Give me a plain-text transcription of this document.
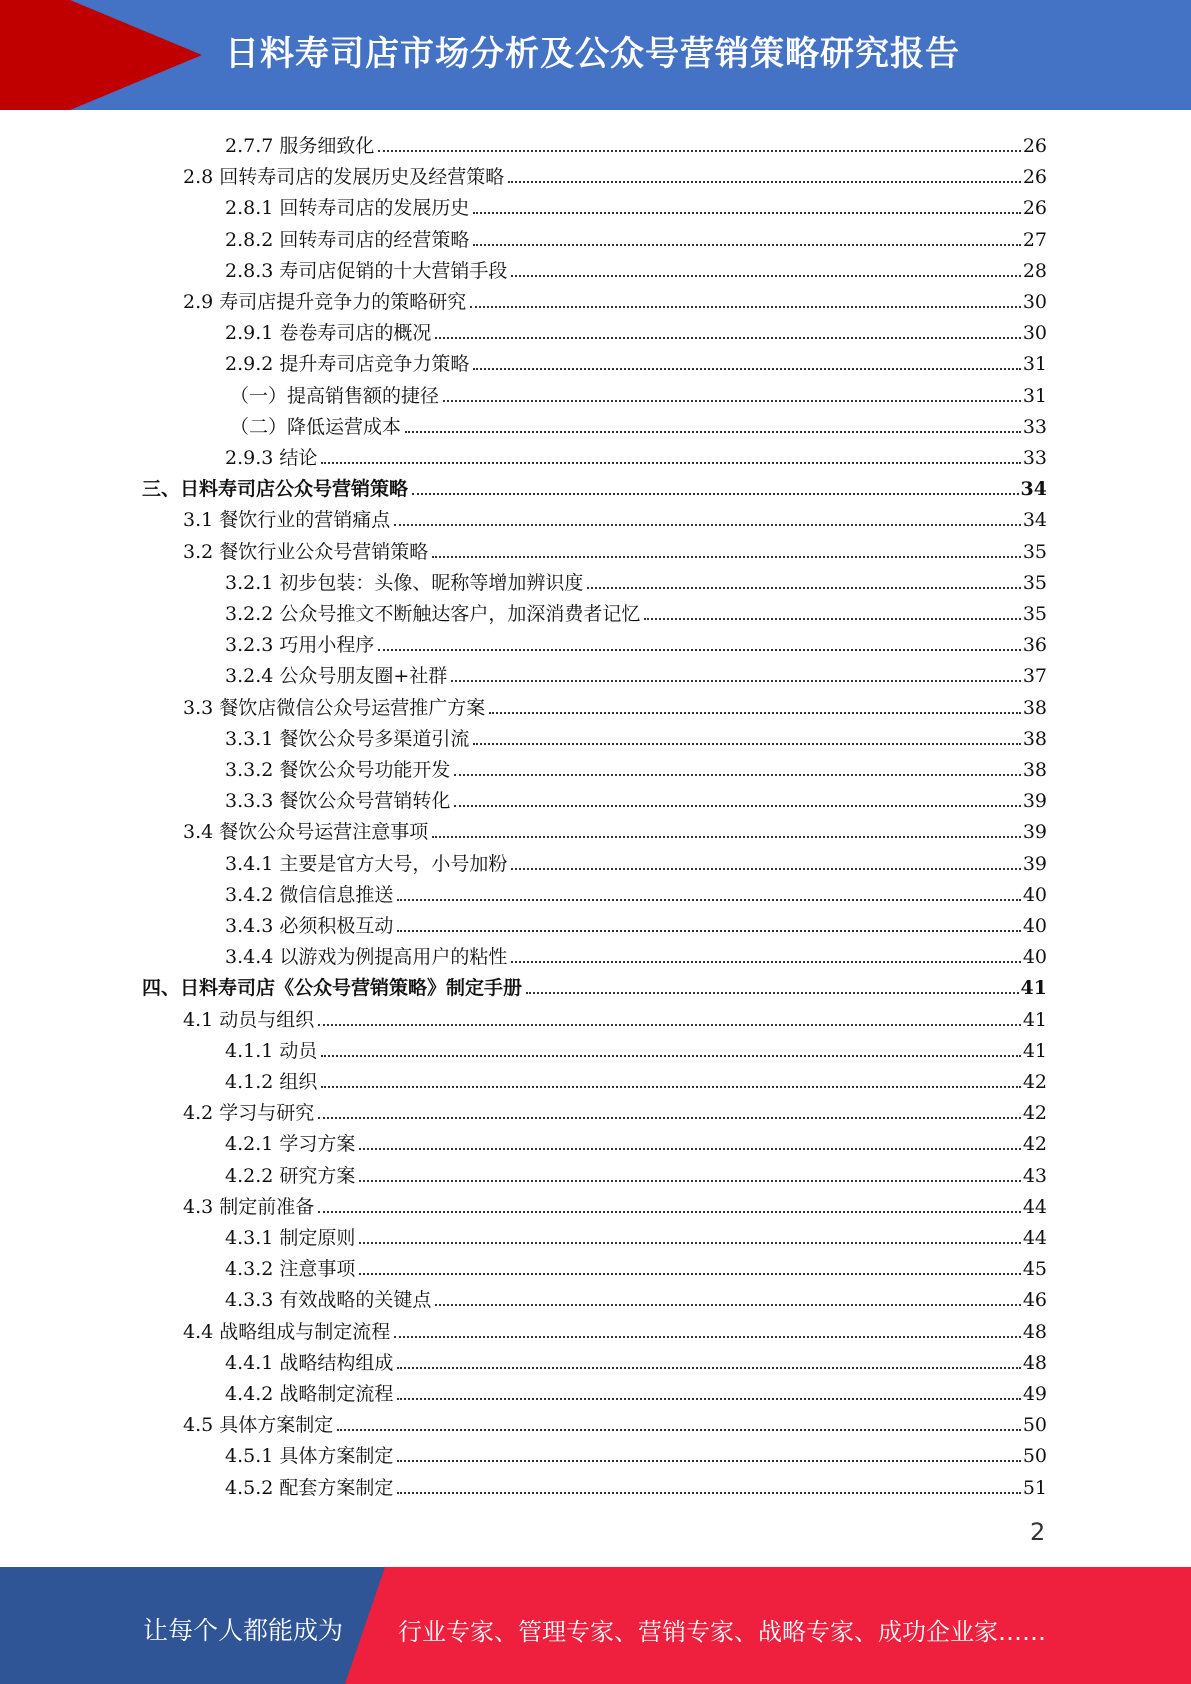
日料寿司店市场分析及公众号营销策略研究报告
2.7.7 服务细致化	26
2.8 回转寿司店的发展历史及经营策略	26
2.8.1 回转寿司店的发展历史	26
2.8.2 回转寿司店的经营策略	27
2.8.3 寿司店促销的十大营销手段	28
2.9 寿司店提升竞争力的策略研究	30
2.9.1 卷卷寿司店的概况	30
2.9.2 提升寿司店竞争力策略	31
（一）提高销售额的捷径	31
（二）降低运营成本	33
2.9.3 结论	33
三、日料寿司店公众号营销策略	34
3.1 餐饮行业的营销痛点	34
3.2 餐饮行业公众号营销策略	35
3.2.1 初步包装：头像、昵称等增加辨识度	35
3.2.2 公众号推文不断触达客户，加深消费者记忆	35
3.2.3 巧用小程序	36
3.2.4 公众号朋友圈+社群	37
3.3 餐饮店微信公众号运营推广方案	38
3.3.1 餐饮公众号多渠道引流	38
3.3.2 餐饮公众号功能开发	38
3.3.3 餐饮公众号营销转化	39
3.4 餐饮公众号运营注意事项	39
3.4.1 主要是官方大号，小号加粉	39
3.4.2 微信信息推送	40
3.4.3 必须积极互动	40
3.4.4 以游戏为例提高用户的粘性	40
四、日料寿司店《公众号营销策略》制定手册	41
4.1 动员与组织	41
4.1.1 动员	41
4.1.2 组织	42
4.2 学习与研究	42
4.2.1 学习方案	42
4.2.2 研究方案	43
4.3 制定前准备	44
4.3.1 制定原则	44
4.3.2 注意事项	45
4.3.3 有效战略的关键点	46
4.4 战略组成与制定流程	48
4.4.1 战略结构组成	48
4.4.2 战略制定流程	49
4.5 具体方案制定	50
4.5.1 具体方案制定	50
4.5.2 配套方案制定	51
2
让每个人都能成为 行业专家、管理专家、营销专家、战略专家、成功企业家……
